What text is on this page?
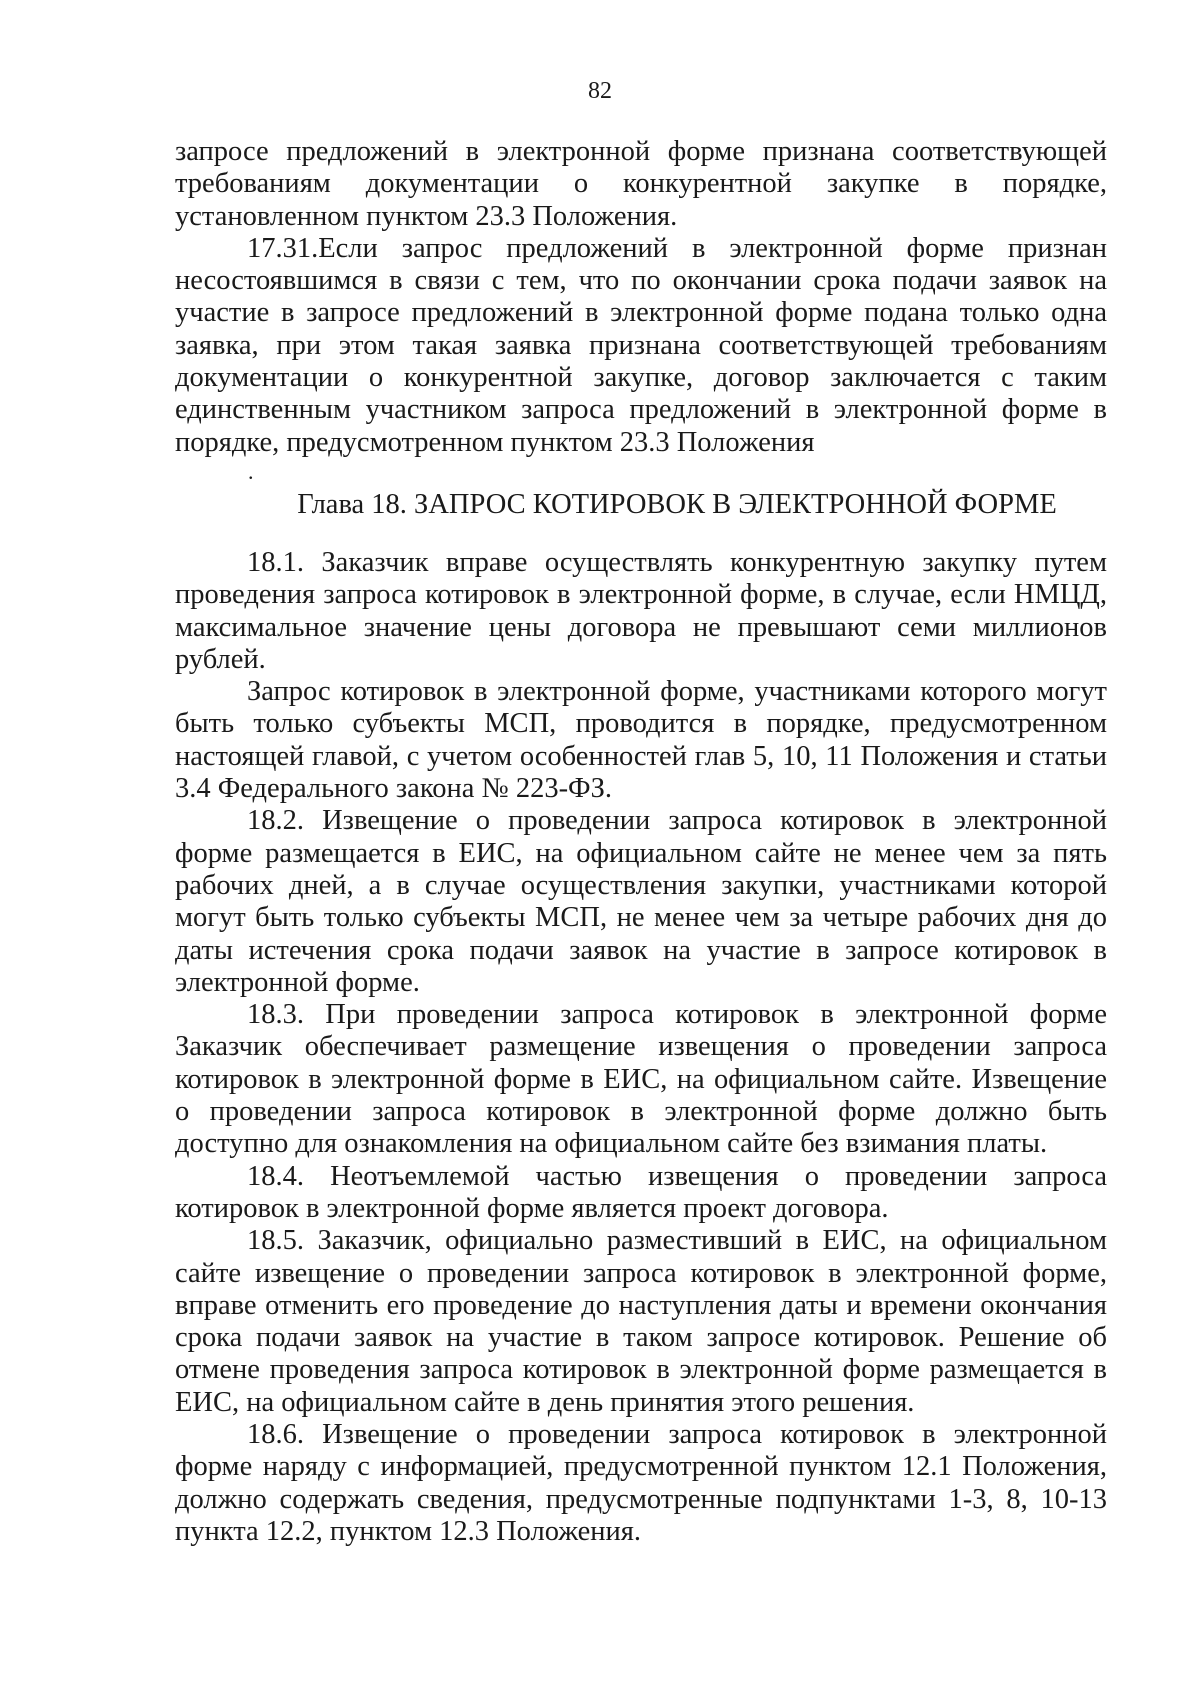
82

запросе предложений в электронной форме признана соответствующей требованиям документации о конкурентной закупке в порядке, установленном пунктом 23.3 Положения.

17.31.Если запрос предложений в электронной форме признан несостоявшимся в связи с тем, что по окончании срока подачи заявок на участие в запросе предложений в электронной форме подана только одна заявка, при этом такая заявка признана соответствующей требованиям документации о конкурентной закупке, договор заключается с таким единственным участником запроса предложений в электронной форме в порядке, предусмотренном пунктом 23.3 Положения

.
Глава 18. ЗАПРОС КОТИРОВОК В ЭЛЕКТРОННОЙ ФОРМЕ

18.1. Заказчик вправе осуществлять конкурентную закупку путем проведения запроса котировок в электронной форме, в случае, если НМЦД, максимальное значение цены договора не превышают семи миллионов рублей.

Запрос котировок в электронной форме, участниками которого могут быть только субъекты МСП, проводится в порядке, предусмотренном настоящей главой, с учетом особенностей глав 5, 10, 11 Положения и статьи 3.4 Федерального закона № 223-ФЗ.

18.2. Извещение о проведении запроса котировок в электронной форме размещается в ЕИС, на официальном сайте не менее чем за пять рабочих дней, а в случае осуществления закупки, участниками которой могут быть только субъекты МСП, не менее чем за четыре рабочих дня до даты истечения срока подачи заявок на участие в запросе котировок в электронной форме.

18.3. При проведении запроса котировок в электронной форме Заказчик обеспечивает размещение извещения о проведении запроса котировок в электронной форме в ЕИС, на официальном сайте. Извещение о проведении запроса котировок в электронной форме должно быть доступно для ознакомления на официальном сайте без взимания платы.

18.4. Неотъемлемой частью извещения о проведении запроса котировок в электронной форме является проект договора.

18.5. Заказчик, официально разместивший в ЕИС, на официальном сайте извещение о проведении запроса котировок в электронной форме, вправе отменить его проведение до наступления даты и времени окончания срока подачи заявок на участие в таком запросе котировок. Решение об отмене проведения запроса котировок в электронной форме размещается в ЕИС, на официальном сайте в день принятия этого решения.

18.6. Извещение о проведении запроса котировок в электронной форме наряду с информацией, предусмотренной пунктом 12.1 Положения, должно содержать сведения, предусмотренные подпунктами 1-3, 8, 10-13 пункта 12.2, пунктом 12.3 Положения.
